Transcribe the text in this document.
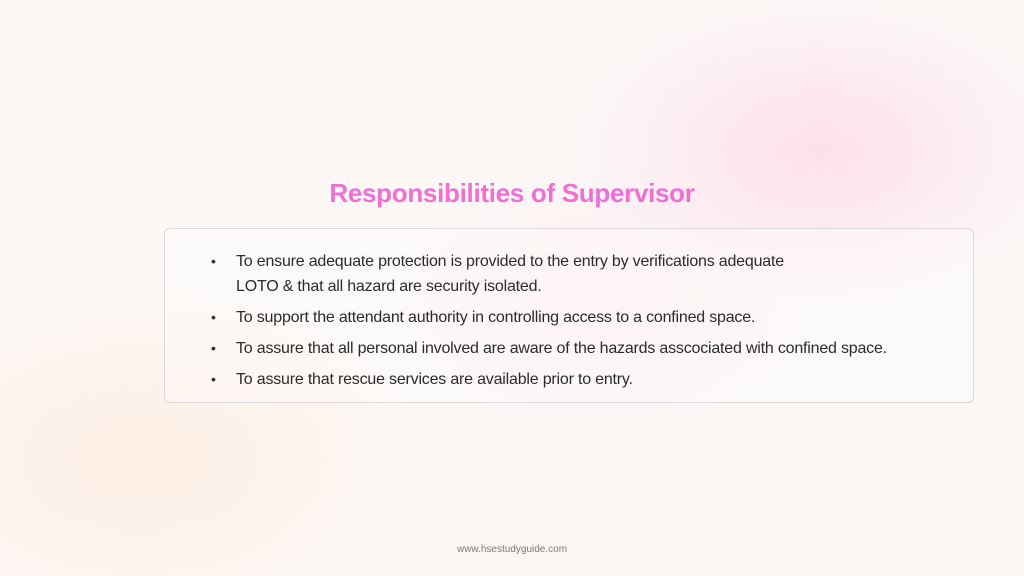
Responsibilities of Supervisor
• To ensure adequate protection is provided to the entry by verifications adequate
LOTO & that all hazard are security isolated.
• To support the attendant authority in controlling access to a confined space.
• To assure that all personal involved are aware of the hazards asscociated with confined space.
• To assure that rescue services are available prior to entry.
www.hsestudyguide.com
